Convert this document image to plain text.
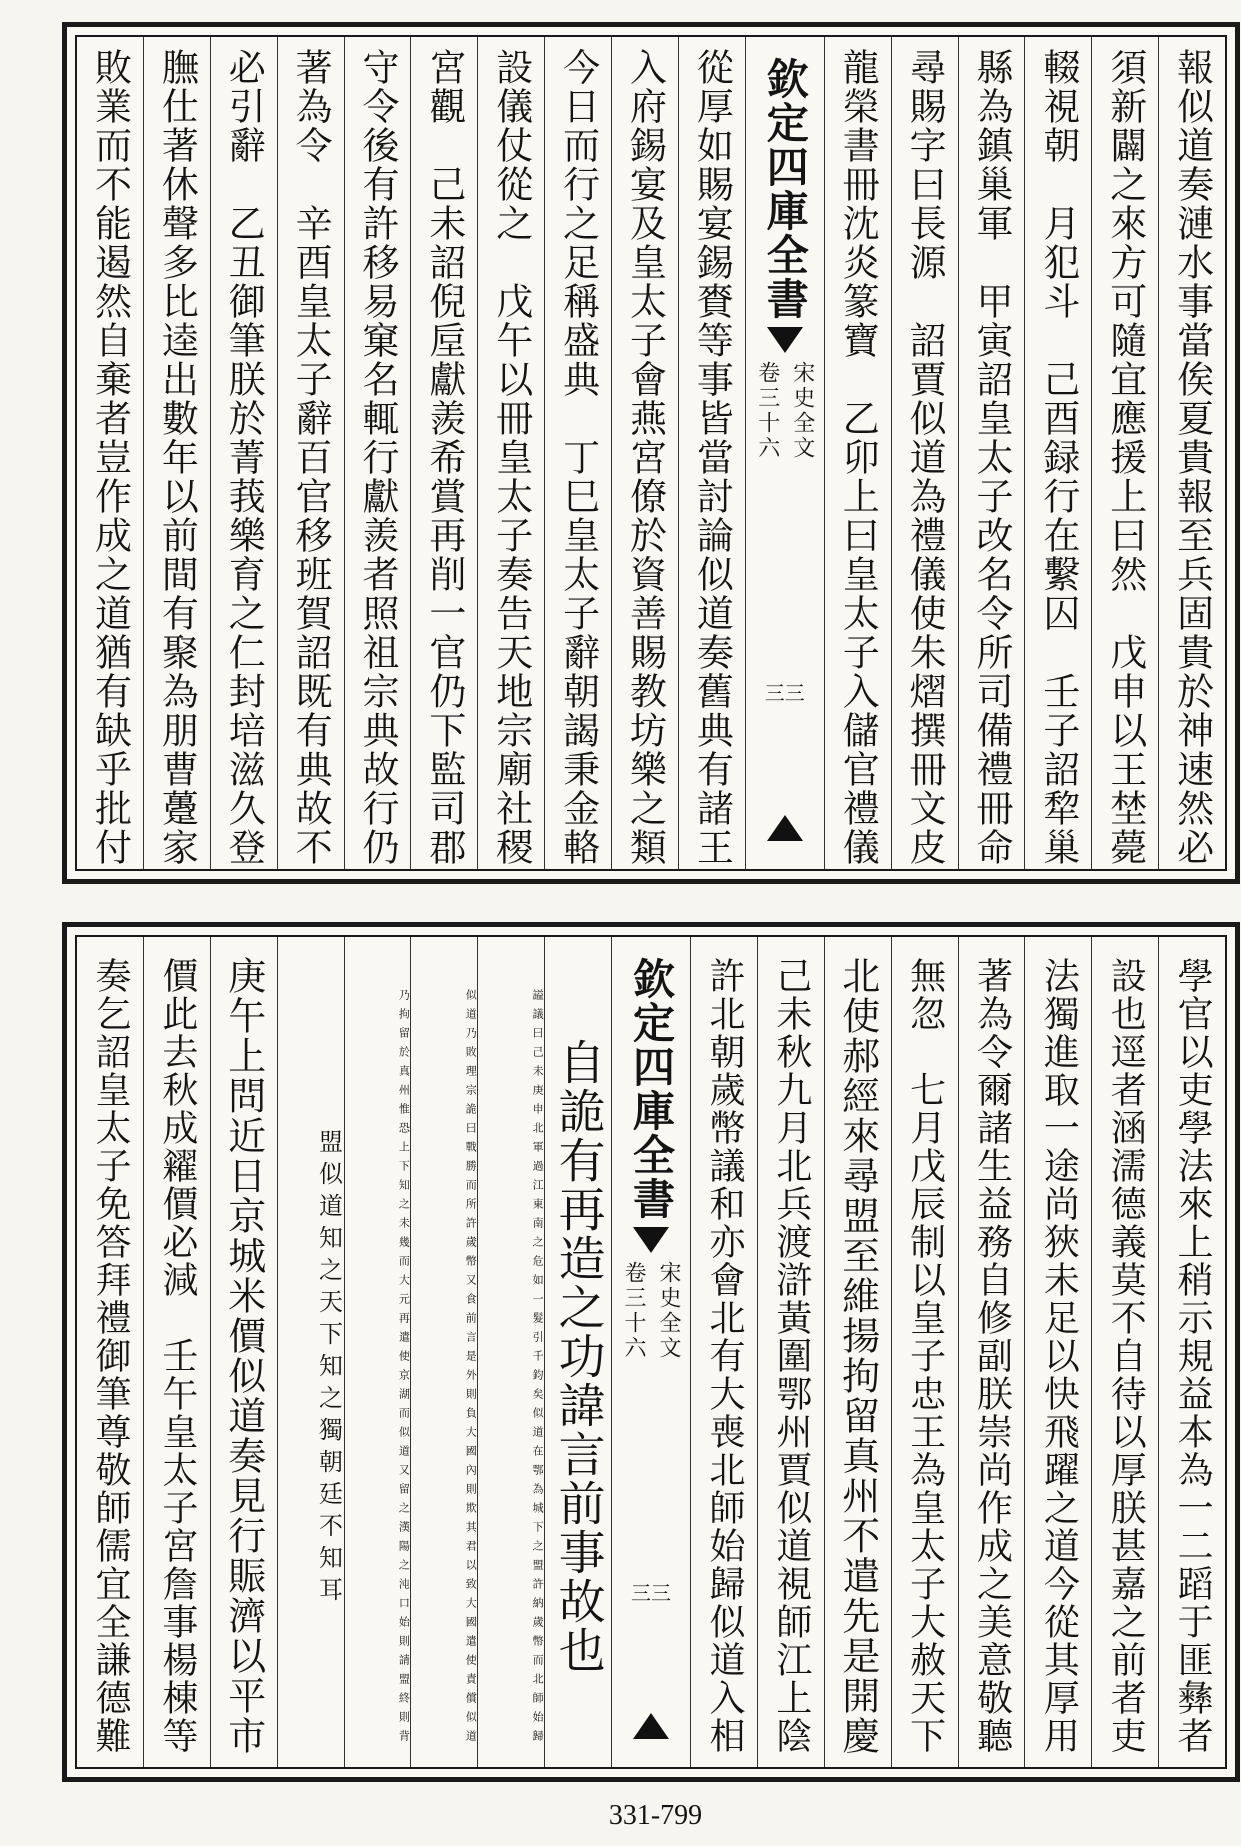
報似道奏漣水事當俟夏貴報至兵固貴於神速然必
須新闢之來方可隨宜應援上曰然　戊申以王埜薨
輟視朝　月犯斗　己酉録行在繫囚　壬子詔犂巢
縣為鎮巢軍　甲寅詔皇太子改名令所司備禮冊命
尋賜字曰長源　詔賈似道為禮儀使朱熠撰冊文皮
龍榮書冊沈炎篆寶　乙卯上曰皇太子入儲官禮儀
欽定四庫全書
宋史全文
卷三十六
三三
從厚如賜宴錫賚等事皆當討論似道奏舊典有諸王
入府錫宴及皇太子會燕宮僚於資善賜教坊樂之類
今日而行之足稱盛典　丁巳皇太子辭朝謁秉金輅
設儀仗從之　戊午以冊皇太子奏告天地宗廟社稷
宮觀　己未詔倪垕獻羨希賞再削一官仍下監司郡
守令後有許移易窠名輒行獻羨者照祖宗典故行仍
著為令　辛酉皇太子辭百官移班賀詔既有典故不
必引辭　乙丑御筆朕於菁莪樂育之仁封培滋久登
膴仕著休聲多比逵出數年以前間有聚為朋曹躉家
敗業而不能遏然自棄者豈作成之道猶有缺乎批付
學官以吏學法來上稍示規益本為一二蹈于匪彝者
設也逕者涵濡德義莫不自待以厚朕甚嘉之前者吏
法獨進取一途尚狹未足以快飛躍之道今從其厚用
著為令爾諸生益務自修副朕崇尚作成之美意敬聽
無忽　七月戊辰制以皇子忠王為皇太子大赦天下
北使郝經來尋盟至維揚拘留真州不遣先是開慶
己未秋九月北兵渡滸黃圍鄂州賈似道視師江上陰
許北朝歲幣議和亦會北有大喪北師始歸似道入相
欽定四庫全書
宋史全文
卷三十六
三三
自詭有再造之功諱言前事故也
謚議曰己未庚申北軍過江東南之危如一髮引千鈞矣似道在鄂為城下之盟許納歲幣而北師始歸
似道乃敗理宗詭曰戰勝而所許歲幣又食前言是外則負大國內則欺其君以致大國遣使責償似道
乃拘留於真州惟恐上下知之未幾而大元再遣使京湖而似道又留之漢陽之沌口始則請盟終則背
盟似道知之天下知之獨朝廷不知耳
庚午上問近日京城米價似道奏見行賑濟以平市
價此去秋成糴價必減　壬午皇太子宮詹事楊棟等
奏乞詔皇太子免答拜禮御筆尊敬師儒宜全謙德難
331-799
